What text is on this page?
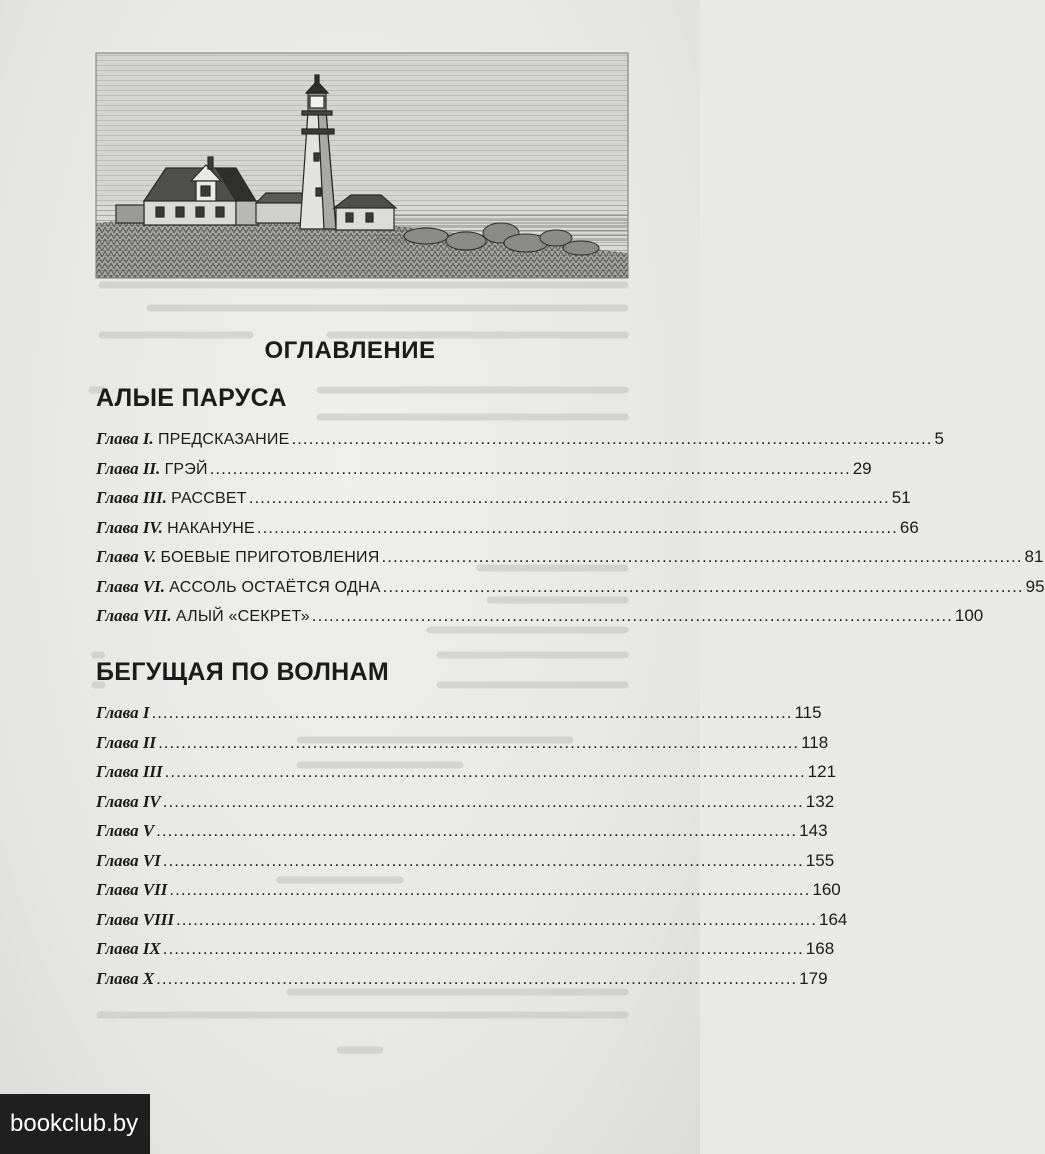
ОГЛАВЛЕНИЕ
АЛЫЕ ПАРУСА
Глава I.
ПРЕДСКАЗАНИЕ ................................................................................................................ 5
Глава II.
ГРЭЙ ................................................................................................................ 29
Глава III.
РАССВЕТ ................................................................................................................ 51
Глава IV.
НАКАНУНЕ ................................................................................................................ 66
Глава V.
БОЕВЫЕ ПРИГОТОВЛЕНИЯ ................................................................................................................ 81
Глава VI.
АССОЛЬ ОСТАЁТСЯ ОДНА ................................................................................................................ 95
Глава VII.
АЛЫЙ «СЕКРЕТ» ................................................................................................................ 100
БЕГУЩАЯ ПО ВОЛНАМ
Глава I ................................................................................................................ 115
Глава II ................................................................................................................ 118
Глава III ................................................................................................................ 121
Глава IV ................................................................................................................ 132
Глава V ................................................................................................................ 143
Глава VI ................................................................................................................ 155
Глава VII ................................................................................................................ 160
Глава VIII ................................................................................................................ 164
Глава IX ................................................................................................................ 168
Глава X ................................................................................................................ 179
bookclub.by
